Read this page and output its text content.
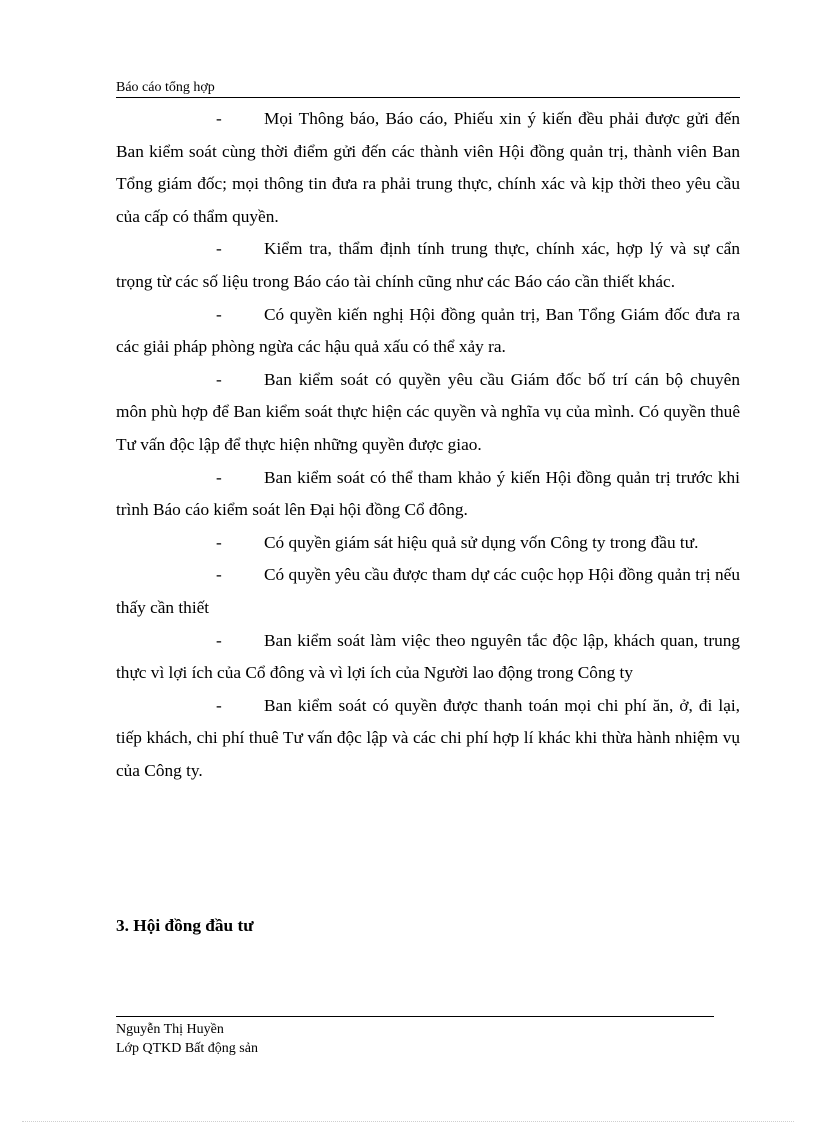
Báo cáo tổng hợp

- Mọi Thông báo, Báo cáo, Phiếu xin ý kiến đều phải được gửi đến Ban kiểm soát cùng thời điểm gửi đến các thành viên Hội đồng quản trị, thành viên Ban Tổng giám đốc; mọi thông tin đưa ra phải trung thực, chính xác và kịp thời theo yêu cầu của cấp có thẩm quyền.

- Kiểm tra, thẩm định tính trung thực, chính xác, hợp lý và sự cẩn trọng từ các số liệu trong Báo cáo tài chính cũng như các Báo cáo cần thiết khác.

- Có quyền kiến nghị Hội đồng quản trị, Ban Tổng Giám đốc đưa ra các giải pháp phòng ngừa các hậu quả xấu có thể xảy ra.

- Ban kiểm soát có quyền yêu cầu Giám đốc bố trí cán bộ chuyên môn phù hợp để Ban kiểm soát thực hiện các quyền và nghĩa vụ của mình. Có quyền thuê Tư vấn độc lập để thực hiện những quyền được giao.

- Ban kiểm soát có thể tham khảo ý kiến Hội đồng quản trị trước khi trình Báo cáo kiểm soát lên Đại hội đồng Cổ đông.

- Có quyền giám sát hiệu quả sử dụng vốn Công ty trong đầu tư.

- Có quyền yêu cầu được tham dự các cuộc họp Hội đồng quản trị nếu thấy cần thiết

- Ban kiểm soát làm việc theo nguyên tắc độc lập, khách quan, trung thực vì lợi ích của Cổ đông và vì lợi ích của Người lao động trong Công ty

- Ban kiểm soát có quyền được thanh toán mọi chi phí ăn, ở, đi lại, tiếp khách, chi phí thuê Tư vấn độc lập và các chi phí hợp lí khác khi thừa hành nhiệm vụ của Công ty.

3. Hội đồng đầu tư
Nguyễn Thị Huyền
Lớp QTKD Bất động sản
